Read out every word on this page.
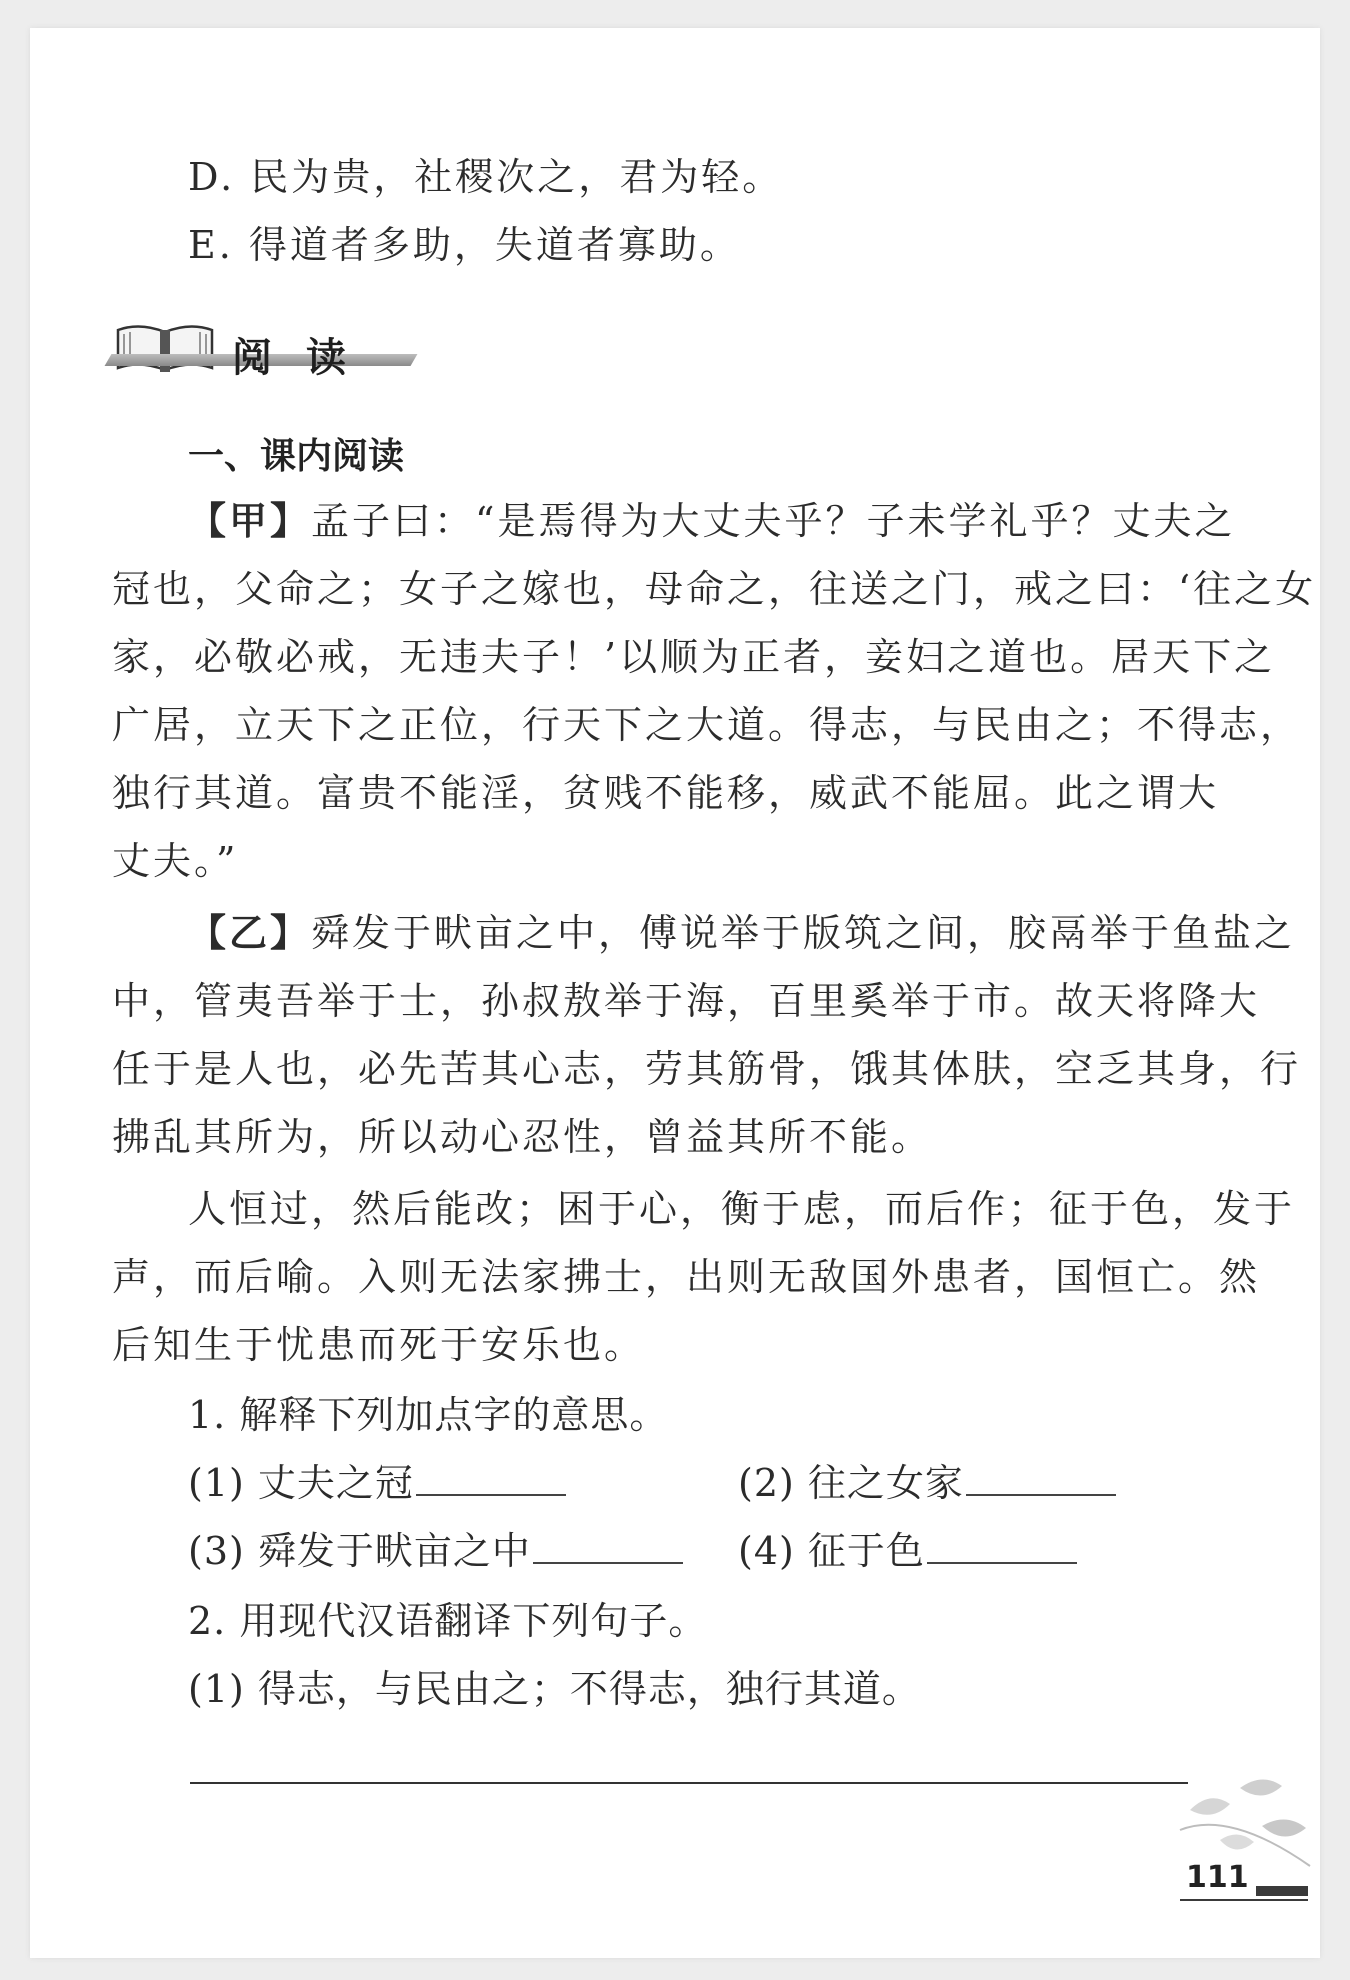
D. 民为贵，社稷次之，君为轻。
E. 得道者多助，失道者寡助。
阅读
一、课内阅读
【甲】孟子曰：“是焉得为大丈夫乎？子未学礼乎？丈夫之
冠也，父命之；女子之嫁也，母命之，往送之门，戒之曰：‘往之女
家，必敬必戒，无违夫子！’以顺为正者，妾妇之道也。居天下之
广居，立天下之正位，行天下之大道。得志，与民由之；不得志，
独行其道。富贵不能淫，贫贱不能移，威武不能屈。此之谓大
丈夫。”
【乙】舜发于畎亩之中，傅说举于版筑之间，胶鬲举于鱼盐之
中，管夷吾举于士，孙叔敖举于海，百里奚举于市。故天将降大
任于是人也，必先苦其心志，劳其筋骨，饿其体肤，空乏其身，行
拂乱其所为，所以动心忍性，曾益其所不能。
人恒过，然后能改；困于心，衡于虑，而后作；征于色，发于
声，而后喻。入则无法家拂士，出则无敌国外患者，国恒亡。然
后知生于忧患而死于安乐也。
1. 解释下列加点字的意思。
(1) 丈夫之冠	(2) 往之女家
(3) 舜发于畎亩之中	(4) 征于色
2. 用现代汉语翻译下列句子。
(1) 得志，与民由之；不得志，独行其道。
111
